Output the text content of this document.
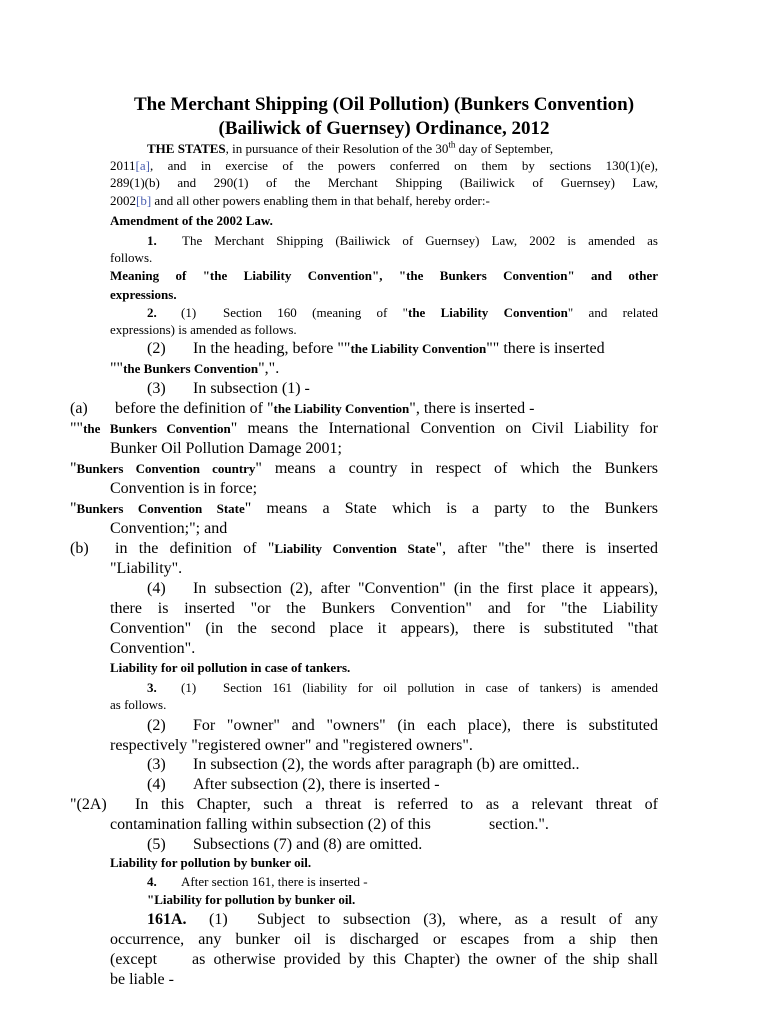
The Merchant Shipping (Oil Pollution) (Bunkers Convention)
(Bailiwick of Guernsey) Ordinance, 2012
THE STATES, in pursuance of their Resolution of the 30th day of September,
2011[a], and in exercise of the powers conferred on them by sections 130(1)(e),
289(1)(b) and 290(1) of the Merchant Shipping (Bailiwick of Guernsey) Law,
2002[b] and all other powers enabling them in that behalf, hereby order:-
Amendment of the 2002 Law.
1. The Merchant Shipping (Bailiwick of Guernsey) Law, 2002 is amended as
follows.
Meaning of "the Liability Convention", "the Bunkers Convention" and other
expressions.
2. (1) Section 160 (meaning of "the Liability Convention" and related
expressions) is amended as follows.
(2) In the heading, before ""the Liability Convention"" there is inserted
""the Bunkers Convention",".
(3) In subsection (1) -
(a) before the definition of "the Liability Convention", there is inserted -
""the Bunkers Convention" means the International Convention on Civil Liability for
Bunker Oil Pollution Damage 2001;
"Bunkers Convention country" means a country in respect of which the Bunkers
Convention is in force;
"Bunkers Convention State" means a State which is a party to the Bunkers
Convention;"; and
(b) in the definition of "Liability Convention State", after "the" there is inserted
"Liability".
(4) In subsection (2), after "Convention" (in the first place it appears),
there is inserted "or the Bunkers Convention" and for "the Liability
Convention" (in the second place it appears), there is substituted "that
Convention".
Liability for oil pollution in case of tankers.
3. (1) Section 161 (liability for oil pollution in case of tankers) is amended
as follows.
(2) For "owner" and "owners" (in each place), there is substituted
respectively "registered owner" and "registered owners".
(3) In subsection (2), the words after paragraph (b) are omitted..
(4) After subsection (2), there is inserted -
"(2A) In this Chapter, such a threat is referred to as a relevant threat of
contamination falling within subsection (2) of this	section.".
(5) Subsections (7) and (8) are omitted.
Liability for pollution by bunker oil.
4. After section 161, there is inserted -
"Liability for pollution by bunker oil.
161A. (1) Subject to subsection (3), where, as a result of any
occurrence, any bunker oil is discharged or escapes from a ship then
(except as otherwise provided by this Chapter) the owner of the ship shall
be liable -
